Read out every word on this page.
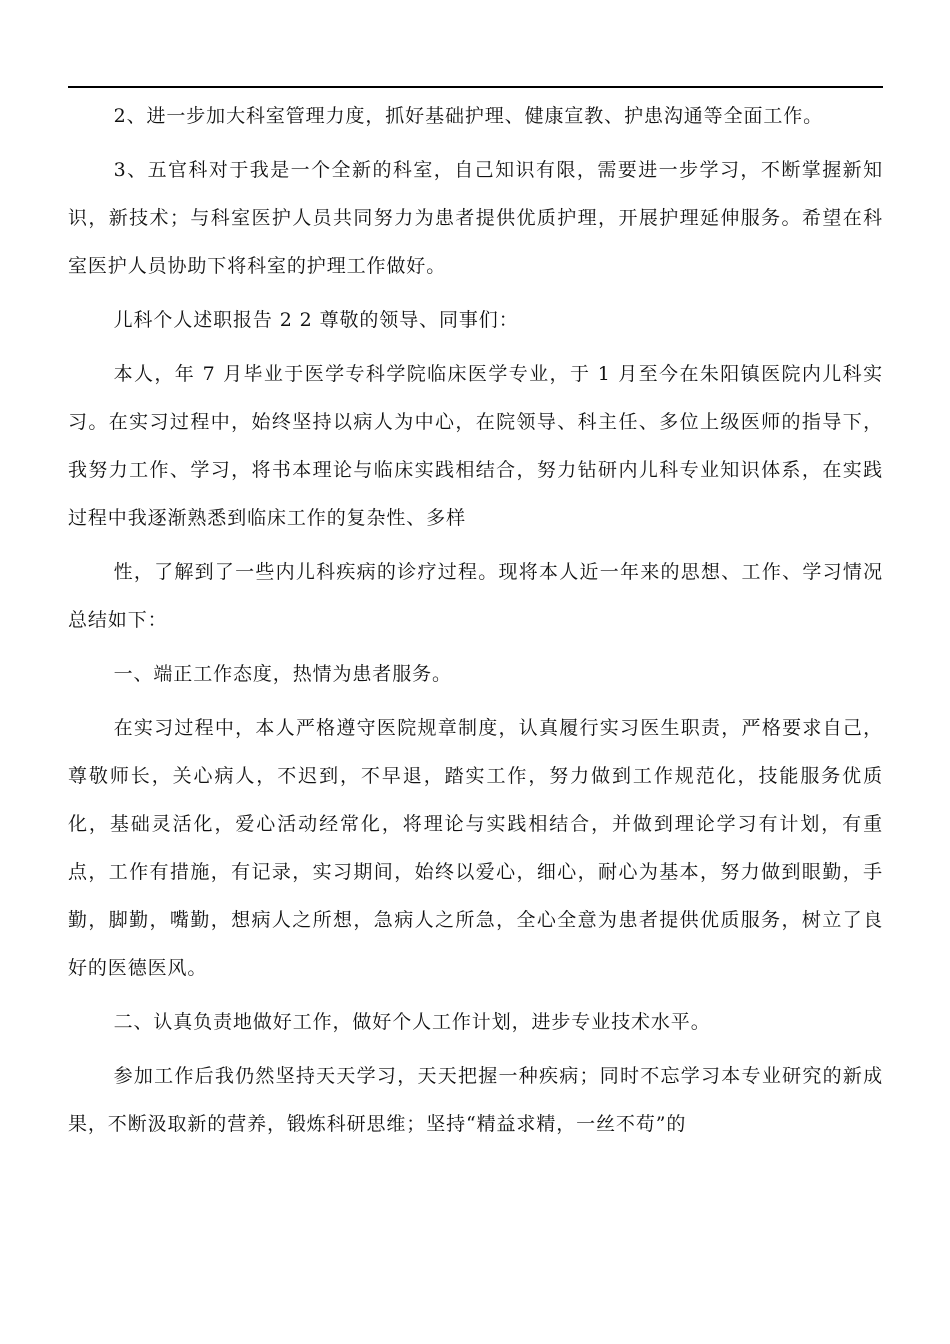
2、进一步加大科室管理力度，抓好基础护理、健康宣教、护患沟通等全面工作。

3、五官科对于我是一个全新的科室，自己知识有限，需要进一步学习，不断掌握新知识，新技术；与科室医护人员共同努力为患者提供优质护理，开展护理延伸服务。希望在科室医护人员协助下将科室的护理工作做好。

儿科个人述职报告 2 2 尊敬的领导、同事们：

本人，年 7 月毕业于医学专科学院临床医学专业，于 1 月至今在朱阳镇医院内儿科实习。在实习过程中，始终坚持以病人为中心，在院领导、科主任、多位上级医师的指导下，我努力工作、学习，将书本理论与临床实践相结合，努力钻研内儿科专业知识体系，在实践过程中我逐渐熟悉到临床工作的复杂性、多样

性，了解到了一些内儿科疾病的诊疗过程。现将本人近一年来的思想、工作、学习情况总结如下：

一、端正工作态度，热情为患者服务。

在实习过程中，本人严格遵守医院规章制度，认真履行实习医生职责，严格要求自己，尊敬师长，关心病人，不迟到，不早退，踏实工作，努力做到工作规范化，技能服务优质化，基础灵活化，爱心活动经常化，将理论与实践相结合，并做到理论学习有计划，有重点，工作有措施，有记录，实习期间，始终以爱心，细心，耐心为基本，努力做到眼勤，手勤，脚勤，嘴勤，想病人之所想，急病人之所急，全心全意为患者提供优质服务，树立了良好的医德医风。

二、认真负责地做好工作，做好个人工作计划，进步专业技术水平。

参加工作后我仍然坚持天天学习，天天把握一种疾病；同时不忘学习本专业研究的新成果，不断汲取新的营养，锻炼科研思维；坚持“精益求精，一丝不苟”的
